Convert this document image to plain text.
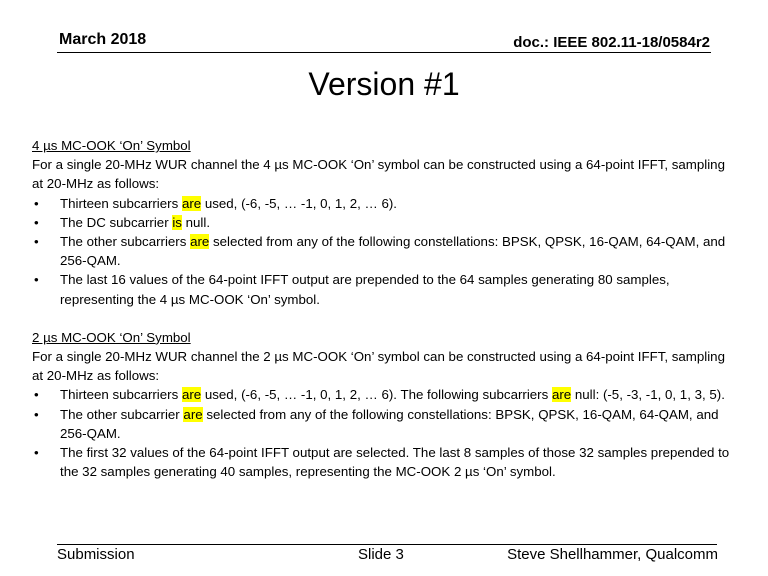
March 2018	doc.: IEEE 802.11-18/0584r2
Version #1
4 µs MC-OOK ‘On’ Symbol

For a single 20-MHz WUR channel the 4 µs MC-OOK ‘On’ symbol can be constructed using a 64-point IFFT, sampling at 20-MHz as follows:

• Thirteen subcarriers are used, (-6, -5, … -1, 0, 1, 2, … 6).
• The DC subcarrier is null.
• The other subcarriers are selected from any of the following constellations: BPSK, QPSK, 16-QAM, 64-QAM, and 256-QAM.
• The last 16 values of the 64-point IFFT output are prepended to the 64 samples generating 80 samples, representing the 4 µs MC-OOK ‘On’ symbol.
2 µs MC-OOK ‘On’ Symbol

For a single 20-MHz WUR channel the 2 µs MC-OOK ‘On’ symbol can be constructed using a 64-point IFFT, sampling at 20-MHz as follows:

• Thirteen subcarriers are used, (-6, -5, … -1, 0, 1, 2, … 6). The following subcarriers are null: (-5, -3, -1, 0, 1, 3, 5).
• The other subcarrier are selected from any of the following constellations: BPSK, QPSK, 16-QAM, 64-QAM, and 256-QAM.
• The first 32 values of the 64-point IFFT output are selected. The last 8 samples of those 32 samples prepended to the 32 samples generating 40 samples, representing the MC-OOK 2 µs ‘On’ symbol.
Submission	Slide 3	Steve Shellhammer, Qualcomm
